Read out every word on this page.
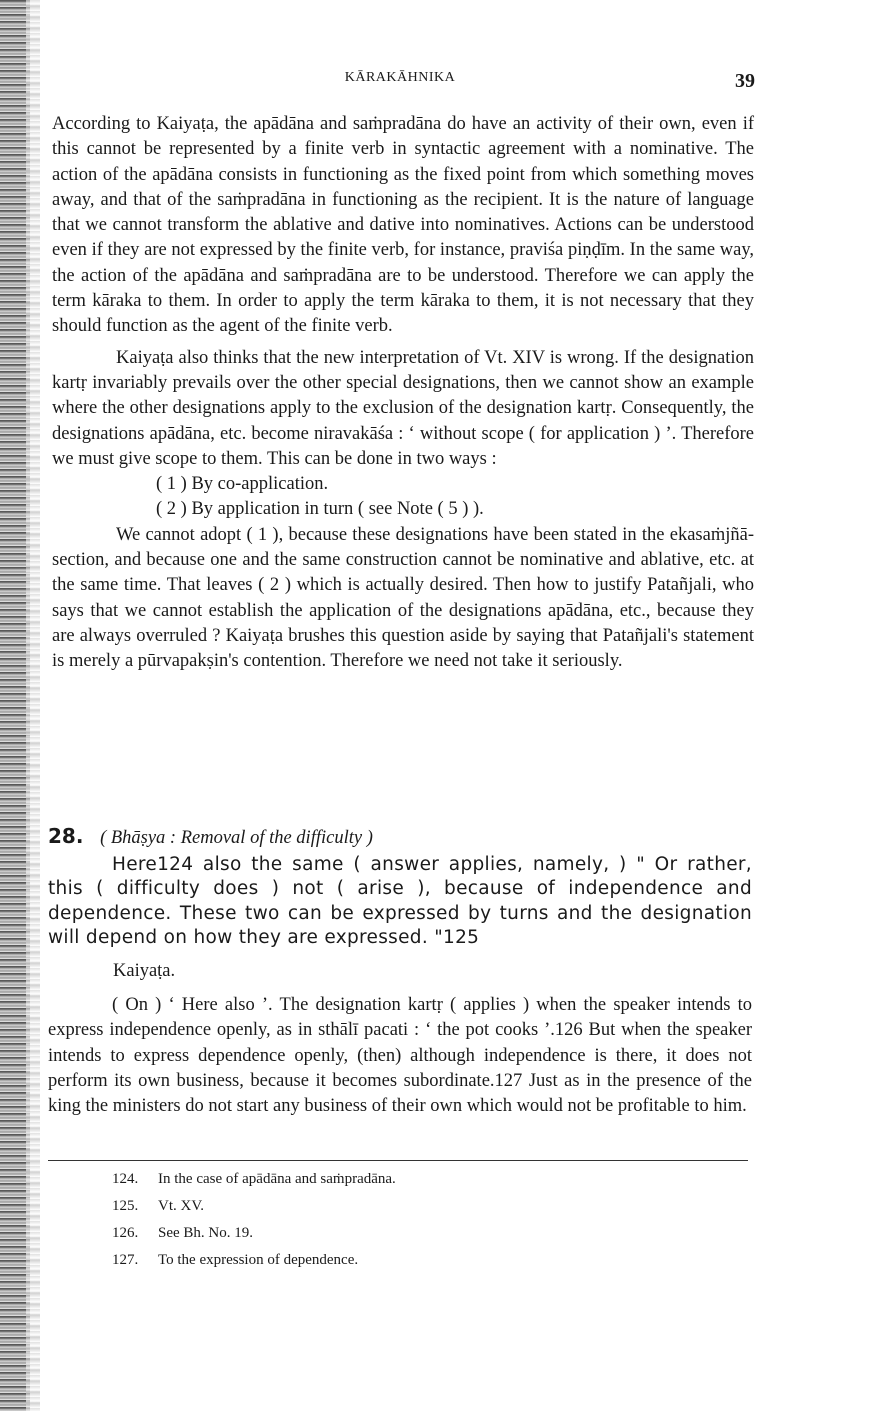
KĀRAKĀHNIKA	39

According to Kaiyaṭa, the apādāna and saṁpradāna do have an activity of their own, even if this cannot be represented by a finite verb in syntactic agreement with a nominative. The action of the apādāna consists in functioning as the fixed point from which something moves away, and that of the saṁpradāna in functioning as the recipient. It is the nature of language that we cannot transform the ablative and dative into nominatives. Actions can be understood even if they are not expressed by the finite verb, for instance, praviśa piṇḍīm. In the same way, the action of the apādāna and saṁpradāna are to be understood. Therefore we can apply the term kāraka to them. In order to apply the term kāraka to them, it is not necessary that they should function as the agent of the finite verb.

Kaiyaṭa also thinks that the new interpretation of Vt. XIV is wrong. If the designation kartṛ invariably prevails over the other special designations, then we cannot show an example where the other designations apply to the exclusion of the designation kartṛ. Consequently, the designations apādāna, etc. become niravakāśa : ‘ without scope ( for application ) ’. Therefore we must give scope to them. This can be done in two ways :

( 1 ) By co-application.

( 2 ) By application in turn ( see Note ( 5 ) ).

We cannot adopt ( 1 ), because these designations have been stated in the ekasaṁjñā-section, and because one and the same construction cannot be nominative and ablative, etc. at the same time. That leaves ( 2 ) which is actually desired. Then how to justify Patañjali, who says that we cannot establish the application of the designations apādāna, etc., because they are always overruled ? Kaiyaṭa brushes this question aside by saying that Patañjali's statement is merely a pūrvapakṣin's contention. Therefore we need not take it seriously.

28. ( Bhāṣya : Removal of the difficulty )

Here124 also the same ( answer applies, namely, ) " Or rather, this ( difficulty does ) not ( arise ), because of independence and dependence. These two can be expressed by turns and the designation will depend on how they are expressed. "125

Kaiyaṭa.

( On ) ‘ Here also ’. The designation kartṛ ( applies ) when the speaker intends to express independence openly, as in sthālī pacati : ‘ the pot cooks ’.126 But when the speaker intends to express dependence openly, (then) although independence is there, it does not perform its own business, because it becomes subordinate.127 Just as in the presence of the king the ministers do not start any business of their own which would not be profitable to him.

124. In the case of apādāna and saṁpradāna.
125. Vt. XV.
126. See Bh. No. 19.
127. To the expression of dependence.
